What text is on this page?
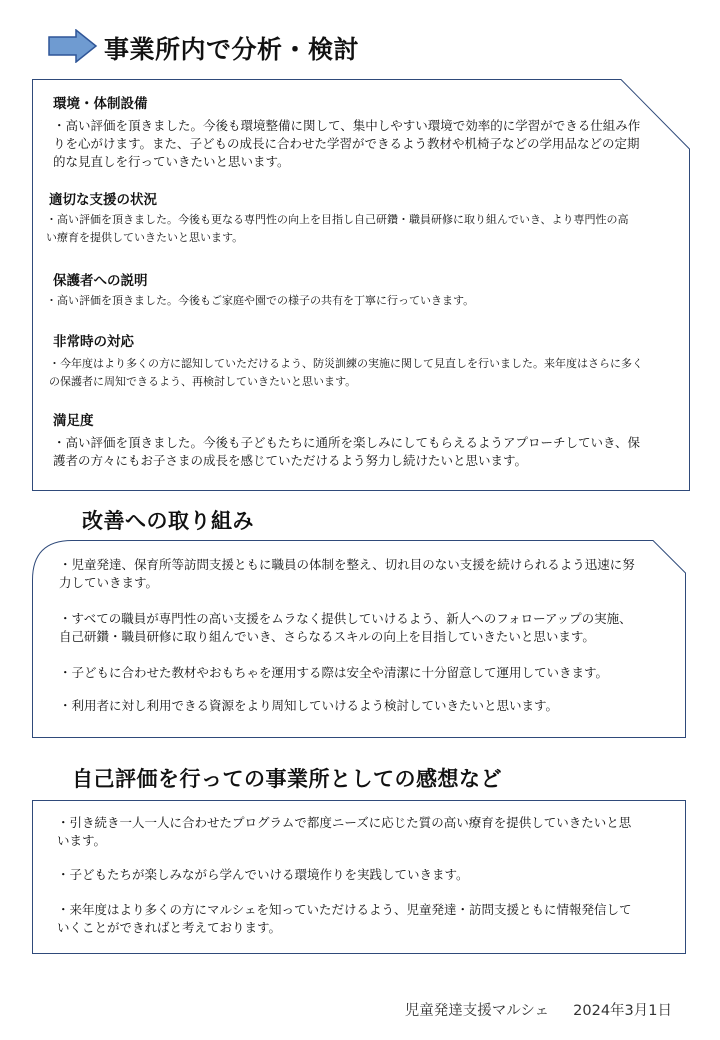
事業所内で分析・検討
環境・体制設備

・高い評価を頂きました。今後も環境整備に関して、集中しやすい環境で効率的に学習ができる仕組み作りを心がけます。また、子どもの成長に合わせた学習ができるよう教材や机椅子などの学用品などの定期的な見直しを行っていきたいと思います。

適切な支援の状況

・高い評価を頂きました。今後も更なる専門性の向上を目指し自己研鑽・職員研修に取り組んでいき、より専門性の高い療育を提供していきたいと思います。

保護者への説明

・高い評価を頂きました。今後もご家庭や園での様子の共有を丁寧に行っていきます。

非常時の対応

・今年度はより多くの方に認知していただけるよう、防災訓練の実施に関して見直しを行いました。来年度はさらに多くの保護者に周知できるよう、再検討していきたいと思います。

満足度

・高い評価を頂きました。今後も子どもたちに通所を楽しみにしてもらえるようアプローチしていき、保護者の方々にもお子さまの成長を感じていただけるよう努力し続けたいと思います。

改善への取り組み

・児童発達、保育所等訪問支援ともに職員の体制を整え、切れ目のない支援を続けられるよう迅速に努力していきます。

・すべての職員が専門性の高い支援をムラなく提供していけるよう、新人へのフォローアップの実施、自己研鑽・職員研修に取り組んでいき、さらなるスキルの向上を目指していきたいと思います。

・子どもに合わせた教材やおもちゃを運用する際は安全や清潔に十分留意して運用していきます。

・利用者に対し利用できる資源をより周知していけるよう検討していきたいと思います。

自己評価を行っての事業所としての感想など

・引き続き一人一人に合わせたプログラムで都度ニーズに応じた質の高い療育を提供していきたいと思います。

・子どもたちが楽しみながら学んでいける環境作りを実践していきます。

・来年度はより多くの方にマルシェを知っていただけるよう、児童発達・訪問支援ともに情報発信していくことができればと考えております。

児童発達支援マルシェ 2024年3月1日
